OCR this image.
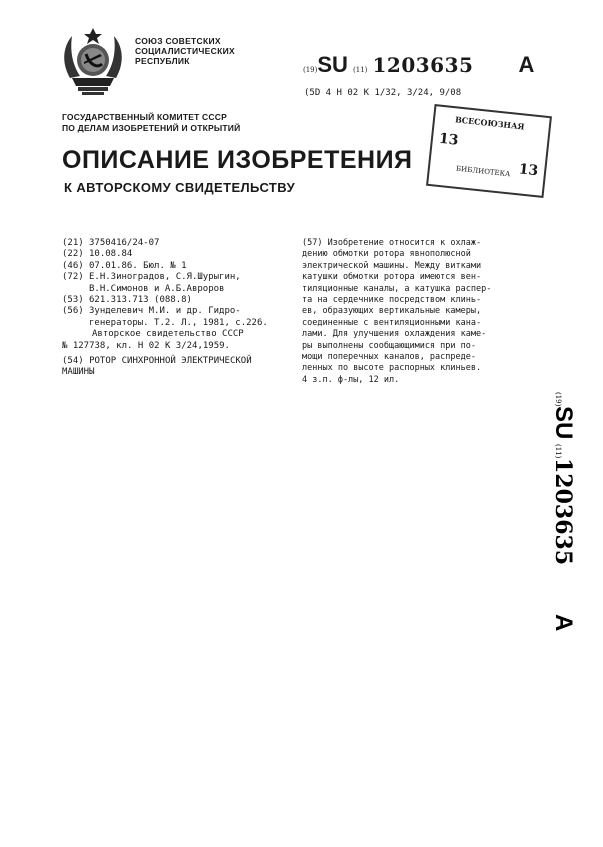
СОЮЗ СОВЕТСКИХ
СОЦИАЛИСТИЧЕСКИХ
РЕСПУБЛИК
(19)SU (11) 1203635 A
(5D 4 Н 02 К 1/32, 3/24, 9/08
ГОСУДАРСТВЕННЫЙ КОМИТЕТ СССР
ПО ДЕЛАМ ИЗОБРЕТЕНИЙ И ОТКРЫТИЙ
ОПИСАНИЕ ИЗОБРЕТЕНИЯ
К АВТОРСКОМУ СВИДЕТЕЛЬСТВУ
ВСЕСОЮЗНАЯ
13
13
БИБЛИОТЕКА
(21) 3750416/24-07
(22) 10.08.84
(46) 07.01.86. Бюл. № 1
(72) Е.Н.Зиноградов, С.Я.Шурыгин,
В.Н.Симонов и А.Б.Авроров
(53) 621.313.713 (088.8)
(56) Зунделевич М.И. и др. Гидро-
генераторы. Т.2. Л., 1981, с.226.
Авторское свидетельство СССР
№ 127738, кл. Н 02 К 3/24,1959.
(54) РОТОР СИНХРОННОЙ ЭЛЕКТРИЧЕСКОЙ
МАШИНЫ

(57) Изобретение относится к охлаж-

дению обмотки ротора явнополюсной

электрической машины. Между витками

катушки обмотки ротора имеются вен-

тиляционные каналы, а катушка распер-

та на сердечнике посредством клинь-

ев, образующих вертикальные камеры,

соединенные с вентиляционными кана-

лами. Для улучшения охлаждения каме-

ры выполнены сообщающимися при по-

мощи поперечных каналов, распреде-

ленных по высоте распорных клиньев.

4 з.п. ф-лы, 12 ил.

(19)
SU
(11)
1203635
A
